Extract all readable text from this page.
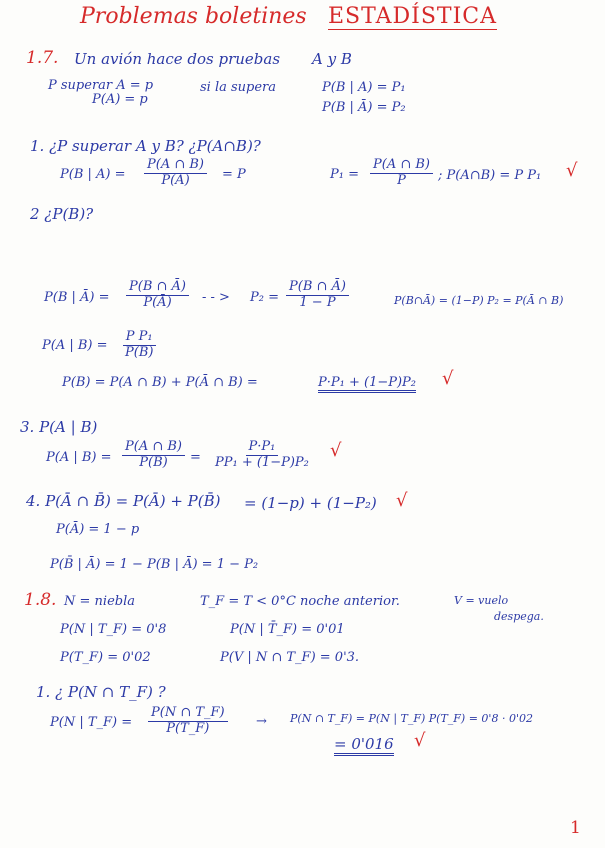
Problemas boletines ESTADÍSTICA
1.7. Un avión hace dos pruebas A y B
P superar A = p
P(A) = p
si la supera	P(B | A) = P₁
P(B | Ā) = P₂
1. ¿P superar A y B? ¿P(A∩B)?
P(B | $A) = \frac{P(A \cap B)}{P(A)} = P$	$P_1 = \frac{P(A \cap B)}{P}$ ; P(A∩B) = P P₁ √
2 ¿P(B)?
P(B | Ā) = $\frac{P(B \cap Ā)}{P(Ā)}$ - - > $P_2 = \frac{P(B \cap Ā)}{1 - P}$	P(B∩Ā) = (1−P) P₂ = P(Ā ∩ B)
P(A | $B) = \frac{\text{P P₁}}{P(B)}$
P(B) = P(A ∩ B) + P(Ā ∩ B) =	P·P₁ + (1−P)P₂ √
3. P(A | B)
P(A | $B) = \frac{P(A \cap B)}{P(B)} = \frac{\text{P·P₁}}{\text{PP₁ + (1−P)P₂}}$ √
4. P(Ā ∩ B̄) = P(Ā) + P(B̄) = (1−p) + (1−P₂) √
P(Ā) = 1 − p
P(B̄ | Ā) = 1 − P(B | Ā) = 1 − P₂
1.8. N = niebla	T_F = T < 0°C noche anterior.	V = vuelo
despega.
P(N | T_F) = 0'8	P(N | T̄_F) = 0'01
P(T_F) = 0'02	P(V | N ∩ T_F) = 0'3.
1. ¿ P(N ∩ T_F) ?
P(N | T_F) = $\frac{P(N \cap T\_F)}{P(T\_F)} \to P(N$ ∩ T_F) = P(N | T_F) P(T_F) = 0'8 · 0'02
= 0'016 √
1
